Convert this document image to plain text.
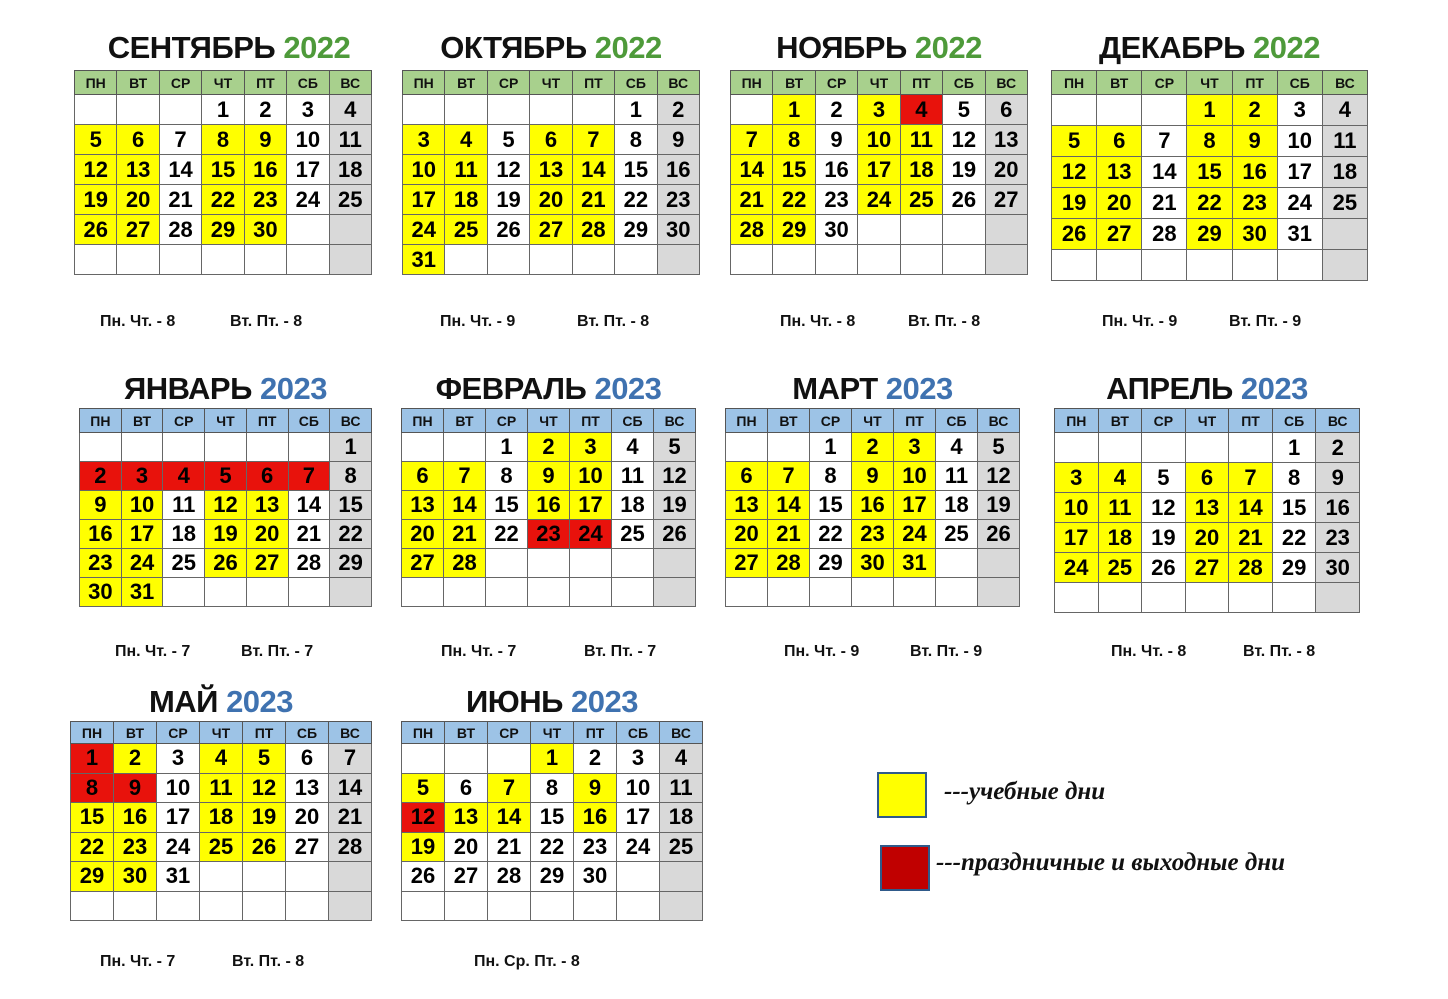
СЕНТЯБРЬ 2022
ПН	ВТ	СР	ЧТ	ПТ	СБ	ВС
			1	2	3	4
5	6	7	8	9	10	11
12	13	14	15	16	17	18
19	20	21	22	23	24	25
26	27	28	29	30		

Пн. Чт. - 8	Вт. Пт. - 8
ОКТЯБРЬ 2022
ПН	ВТ	СР	ЧТ	ПТ	СБ	ВС
					1	2
3	4	5	6	7	8	9
10	11	12	13	14	15	16
17	18	19	20	21	22	23
24	25	26	27	28	29	30
31						
Пн. Чт. - 9	Вт. Пт. - 8
НОЯБРЬ 2022
ПН	ВТ	СР	ЧТ	ПТ	СБ	ВС
	1	2	3	4	5	6
7	8	9	10	11	12	13
14	15	16	17	18	19	20
21	22	23	24	25	26	27
28	29	30				

Пн. Чт. - 8	Вт. Пт. - 8
ДЕКАБРЬ 2022
ПН	ВТ	СР	ЧТ	ПТ	СБ	ВС
			1	2	3	4
5	6	7	8	9	10	11
12	13	14	15	16	17	18
19	20	21	22	23	24	25
26	27	28	29	30	31	

Пн. Чт. - 9	Вт. Пт. - 9
ЯНВАРЬ 2023
ПН	ВТ	СР	ЧТ	ПТ	СБ	ВС
						1
2	3	4	5	6	7	8
9	10	11	12	13	14	15
16	17	18	19	20	21	22
23	24	25	26	27	28	29
30	31					
Пн. Чт. - 7	Вт. Пт. - 7
ФЕВРАЛЬ 2023
ПН	ВТ	СР	ЧТ	ПТ	СБ	ВС
		1	2	3	4	5
6	7	8	9	10	11	12
13	14	15	16	17	18	19
20	21	22	23	24	25	26
27	28					

Пн. Чт. - 7	Вт. Пт. - 7
МАРТ 2023
ПН	ВТ	СР	ЧТ	ПТ	СБ	ВС
		1	2	3	4	5
6	7	8	9	10	11	12
13	14	15	16	17	18	19
20	21	22	23	24	25	26
27	28	29	30	31		

Пн. Чт. - 9	Вт. Пт. - 9
АПРЕЛЬ 2023
ПН	ВТ	СР	ЧТ	ПТ	СБ	ВС
					1	2
3	4	5	6	7	8	9
10	11	12	13	14	15	16
17	18	19	20	21	22	23
24	25	26	27	28	29	30

Пн. Чт. - 8	Вт. Пт. - 8
МАЙ 2023
ПН	ВТ	СР	ЧТ	ПТ	СБ	ВС
1	2	3	4	5	6	7
8	9	10	11	12	13	14
15	16	17	18	19	20	21
22	23	24	25	26	27	28
29	30	31				

Пн. Чт. - 7	Вт. Пт. - 8
ИЮНЬ 2023
ПН	ВТ	СР	ЧТ	ПТ	СБ	ВС
			1	2	3	4
5	6	7	8	9	10	11
12	13	14	15	16	17	18
19	20	21	22	23	24	25
26	27	28	29	30		

Пн. Ср. Пт. - 8
---учебные дни
---праздничные и выходные дни
